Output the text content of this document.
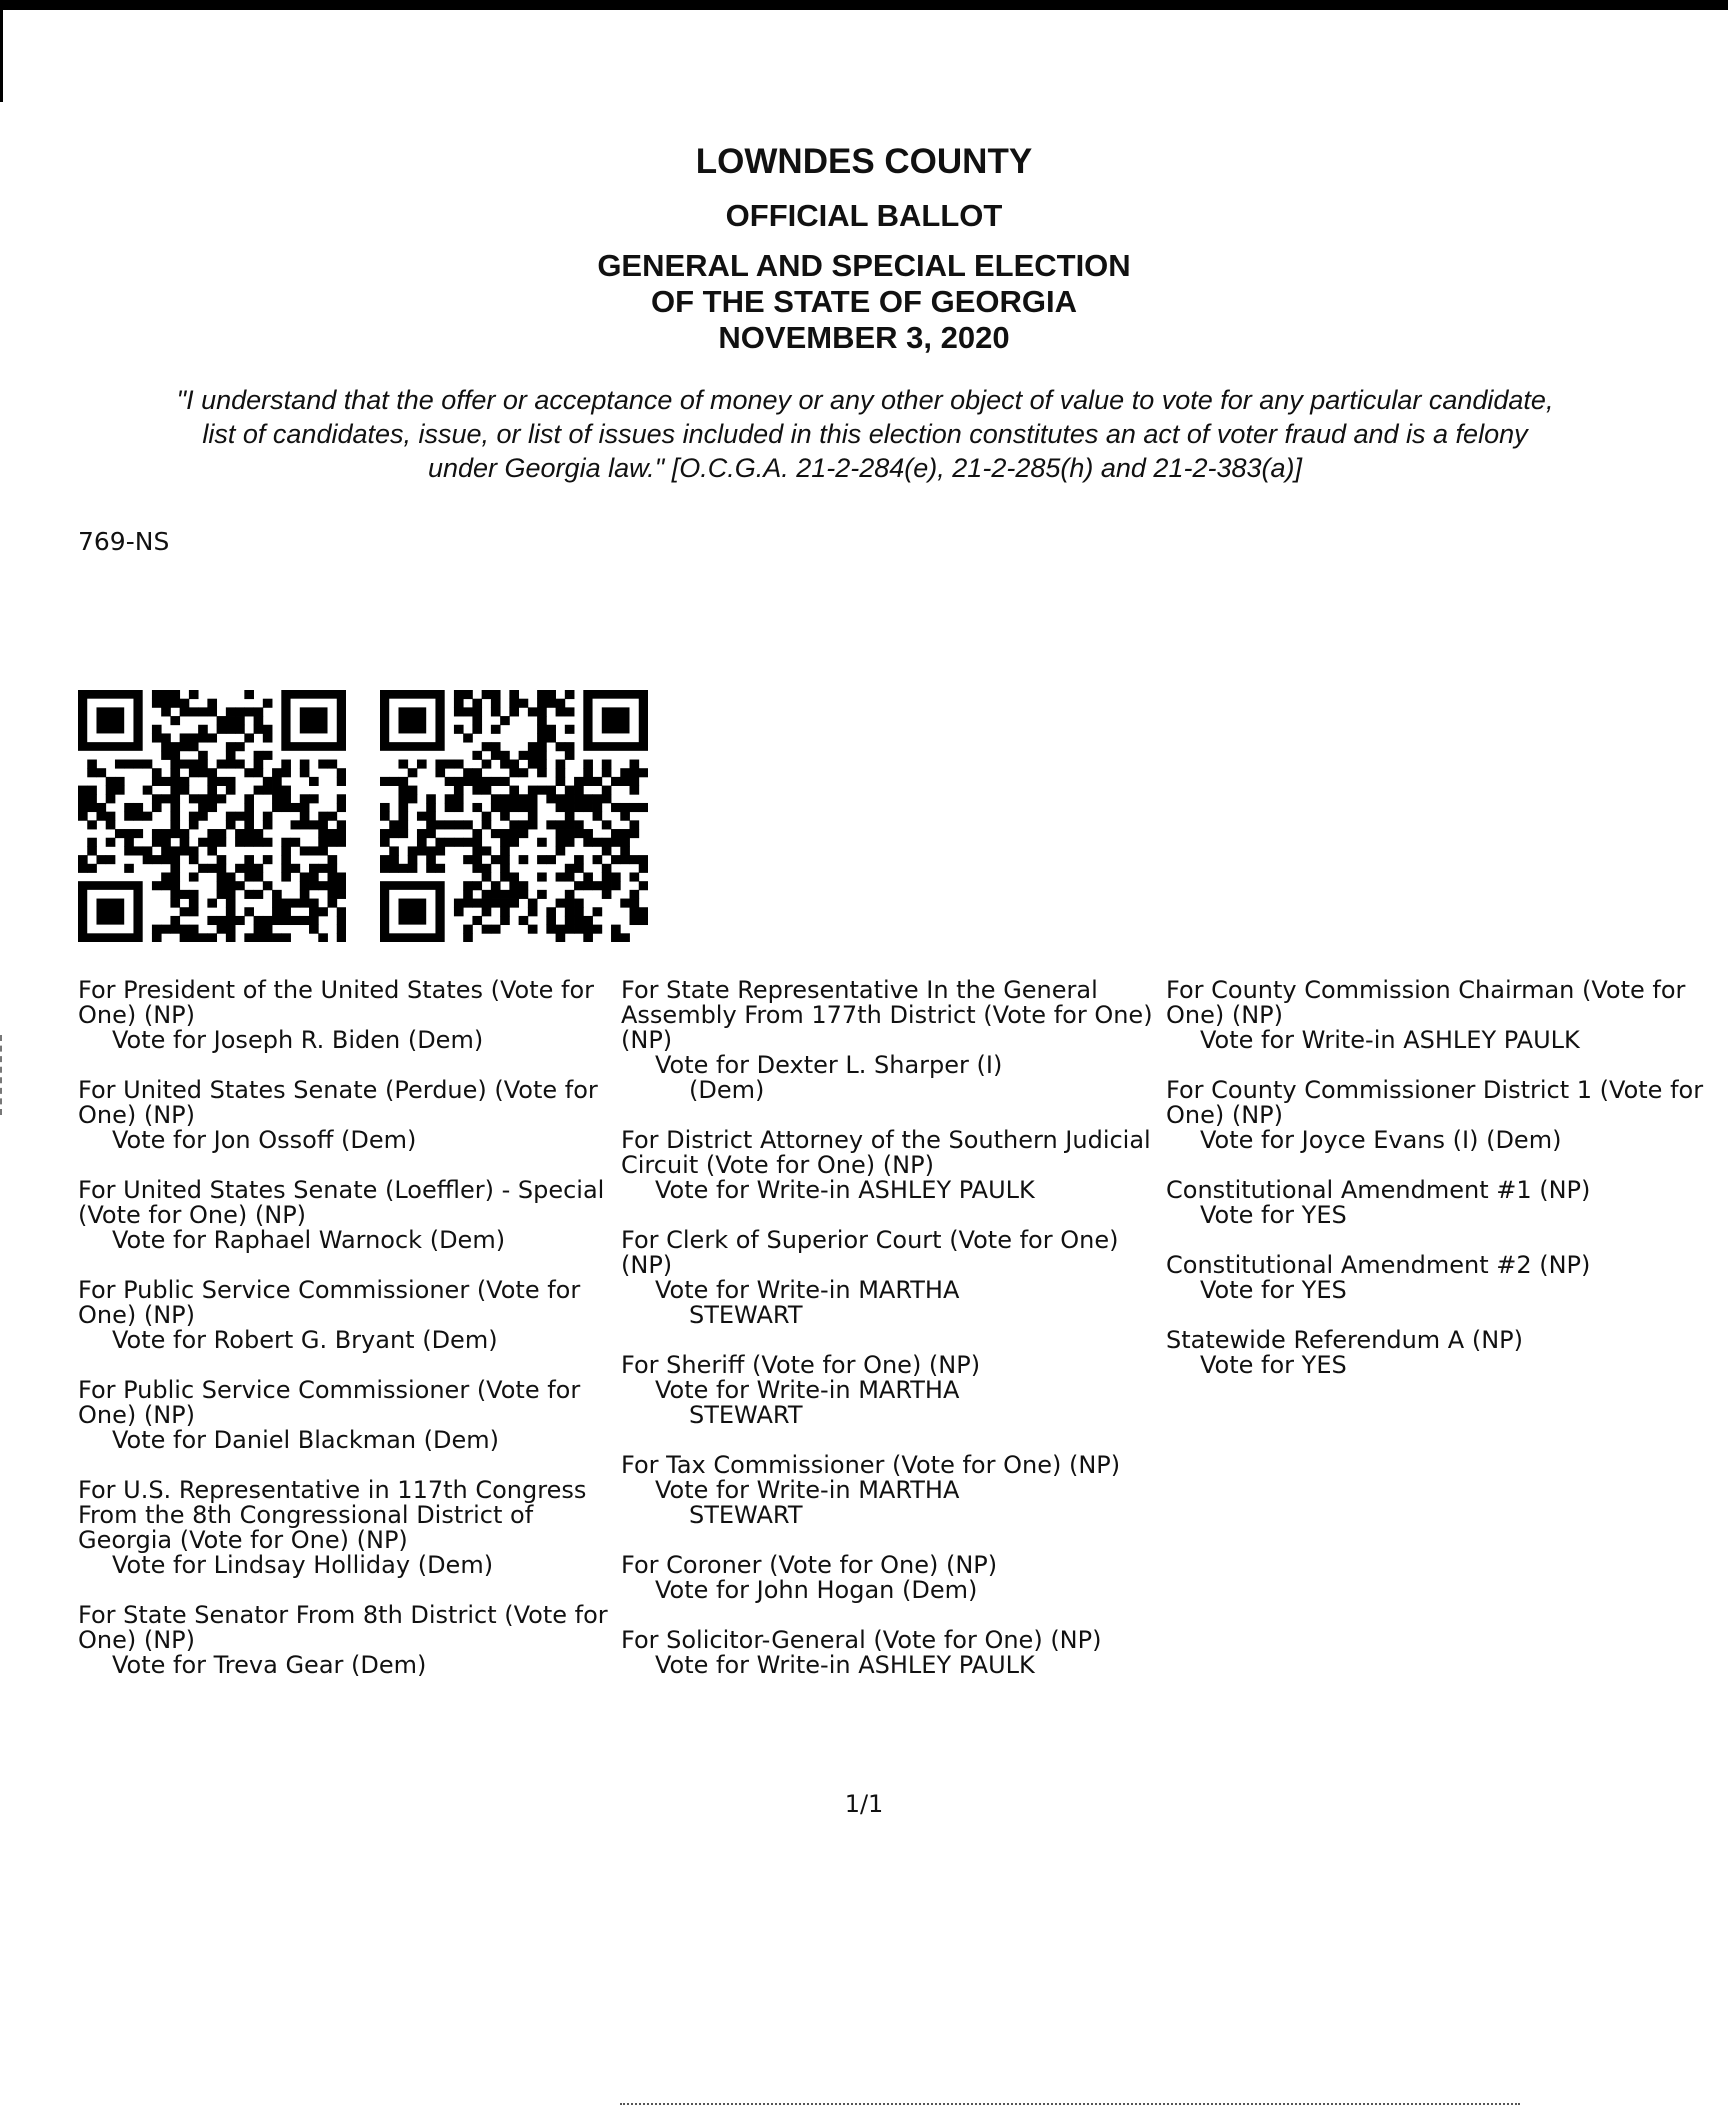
LOWNDES COUNTY
OFFICIAL BALLOT
GENERAL AND SPECIAL ELECTION
OF THE STATE OF GEORGIA
NOVEMBER 3, 2020
"I understand that the offer or acceptance of money or any other object of value to vote for any particular candidate,
list of candidates, issue, or list of issues included in this election constitutes an act of voter fraud and is a felony
under Georgia law." [O.C.G.A. 21-2-284(e), 21-2-285(h) and 21-2-383(a)]
769-NS
For President of the United States (Vote for One) (NP)
Vote for Joseph R. Biden (Dem)
For United States Senate (Perdue) (Vote for One) (NP)
Vote for Jon Ossoff (Dem)
For United States Senate (Loeffler) - Special (Vote for One) (NP)
Vote for Raphael Warnock (Dem)
For Public Service Commissioner (Vote for One) (NP)
Vote for Robert G. Bryant (Dem)
For Public Service Commissioner (Vote for One) (NP)
Vote for Daniel Blackman (Dem)
For U.S. Representative in 117th Congress From the 8th Congressional District of Georgia (Vote for One) (NP)
Vote for Lindsay Holliday (Dem)
For State Senator From 8th District (Vote for One) (NP)
Vote for Treva Gear (Dem)
For State Representative In the General Assembly From 177th District (Vote for One) (NP)
Vote for Dexter L. Sharper (I)
(Dem)
For District Attorney of the Southern Judicial Circuit (Vote for One) (NP)
Vote for Write-in ASHLEY PAULK
For Clerk of Superior Court (Vote for One) (NP)
Vote for Write-in MARTHA
STEWART
For Sheriff (Vote for One) (NP)
Vote for Write-in MARTHA
STEWART
For Tax Commissioner (Vote for One) (NP)
Vote for Write-in MARTHA
STEWART
For Coroner (Vote for One) (NP)
Vote for John Hogan (Dem)
For Solicitor-General (Vote for One) (NP)
Vote for Write-in ASHLEY PAULK
For County Commission Chairman (Vote for One) (NP)
Vote for Write-in ASHLEY PAULK
For County Commissioner District 1 (Vote for One) (NP)
Vote for Joyce Evans (I) (Dem)
Constitutional Amendment #1 (NP)
Vote for YES
Constitutional Amendment #2 (NP)
Vote for YES
Statewide Referendum A (NP)
Vote for YES
1/1
